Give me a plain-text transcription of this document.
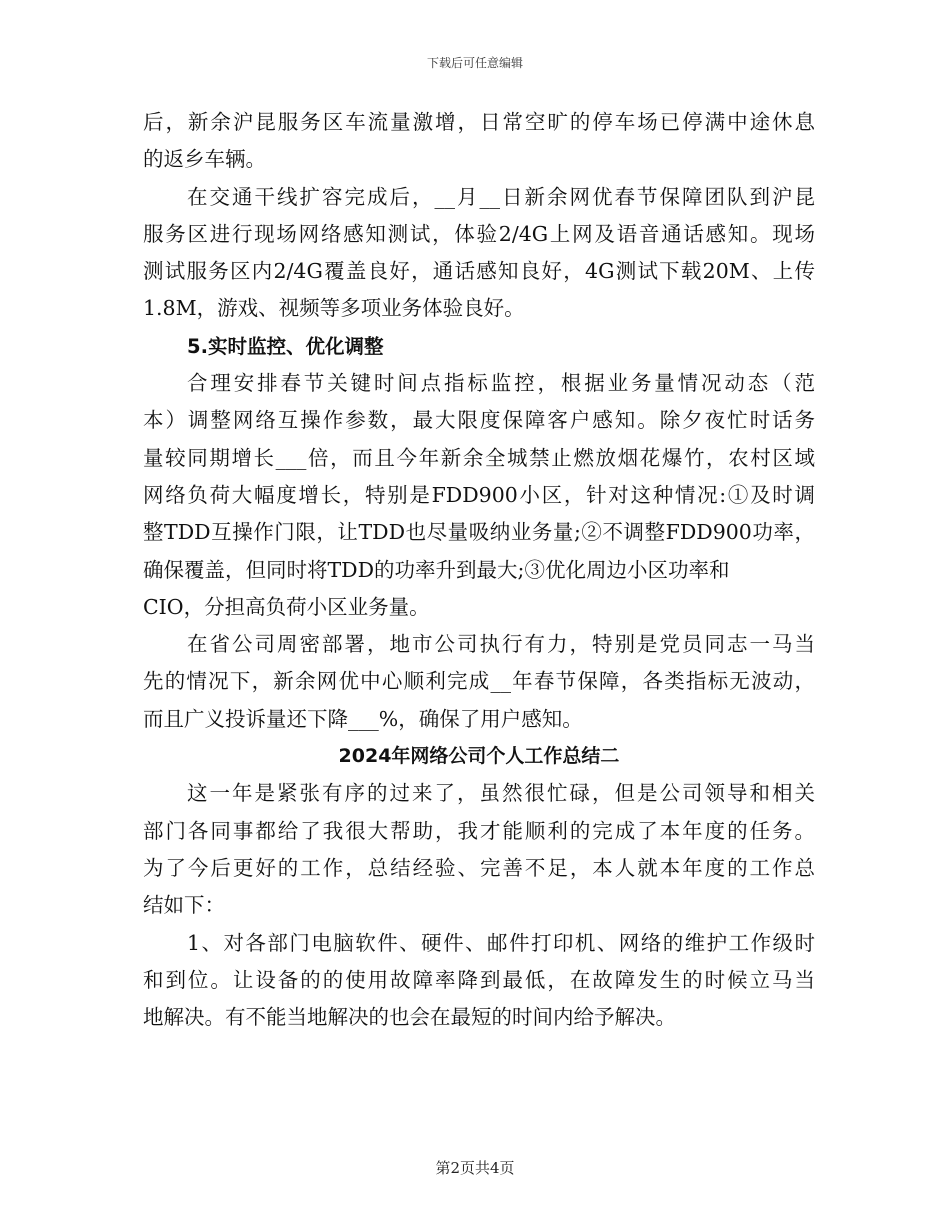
下载后可任意编辑
后，新余沪昆服务区车流量激增，日常空旷的停车场已停满中途休息
的返乡车辆。
在交通干线扩容完成后，__月__日新余网优春节保障团队到沪昆
服务区进行现场网络感知测试，体验2/4G上网及语音通话感知。现场
测试服务区内2/4G覆盖良好，通话感知良好，4G测试下载20M、上传
1.8M，游戏、视频等多项业务体验良好。
5.实时监控、优化调整
合理安排春节关键时间点指标监控，根据业务量情况动态（范
本）调整网络互操作参数，最大限度保障客户感知。除夕夜忙时话务
量较同期增长___倍，而且今年新余全城禁止燃放烟花爆竹，农村区域
网络负荷大幅度增长，特别是FDD900小区，针对这种情况:①及时调
整TDD互操作门限，让TDD也尽量吸纳业务量;②不调整FDD900功率，
确保覆盖，但同时将TDD的功率升到最大;③优化周边小区功率和
CIO，分担高负荷小区业务量。
在省公司周密部署，地市公司执行有力，特别是党员同志一马当
先的情况下，新余网优中心顺利完成__年春节保障，各类指标无波动，
而且广义投诉量还下降___%，确保了用户感知。
2024年网络公司个人工作总结二
这一年是紧张有序的过来了，虽然很忙碌，但是公司领导和相关
部门各同事都给了我很大帮助，我才能顺利的完成了本年度的任务。
为了今后更好的工作，总结经验、完善不足，本人就本年度的工作总
结如下：
1、对各部门电脑软件、硬件、邮件打印机、网络的维护工作级时
和到位。让设备的的使用故障率降到最低，在故障发生的时候立马当
地解决。有不能当地解决的也会在最短的时间内给予解决。
第2页共4页
